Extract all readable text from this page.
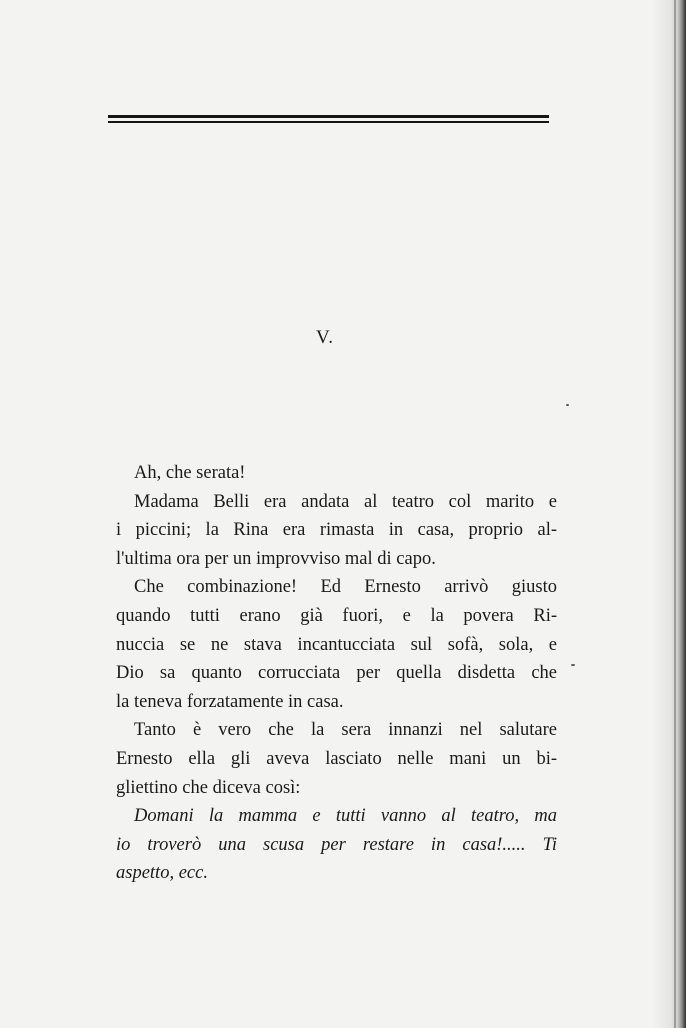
V.
Ah, che serata!
Madama Belli era andata al teatro col marito e
i piccini; la Rina era rimasta in casa, proprio al-
l'ultima ora per un improvviso mal di capo.
Che combinazione! Ed Ernesto arrivò giusto
quando tutti erano già fuori, e la povera Ri-
nuccia se ne stava incantucciata sul sofà, sola, e
Dio sa quanto corrucciata per quella disdetta che
la teneva forzatamente in casa.
Tanto è vero che la sera innanzi nel salutare
Ernesto ella gli aveva lasciato nelle mani un bi-
gliettino che diceva così:
Domani la mamma e tutti vanno al teatro, ma
io troverò una scusa per restare in casa!..... Ti
aspetto, ecc.
